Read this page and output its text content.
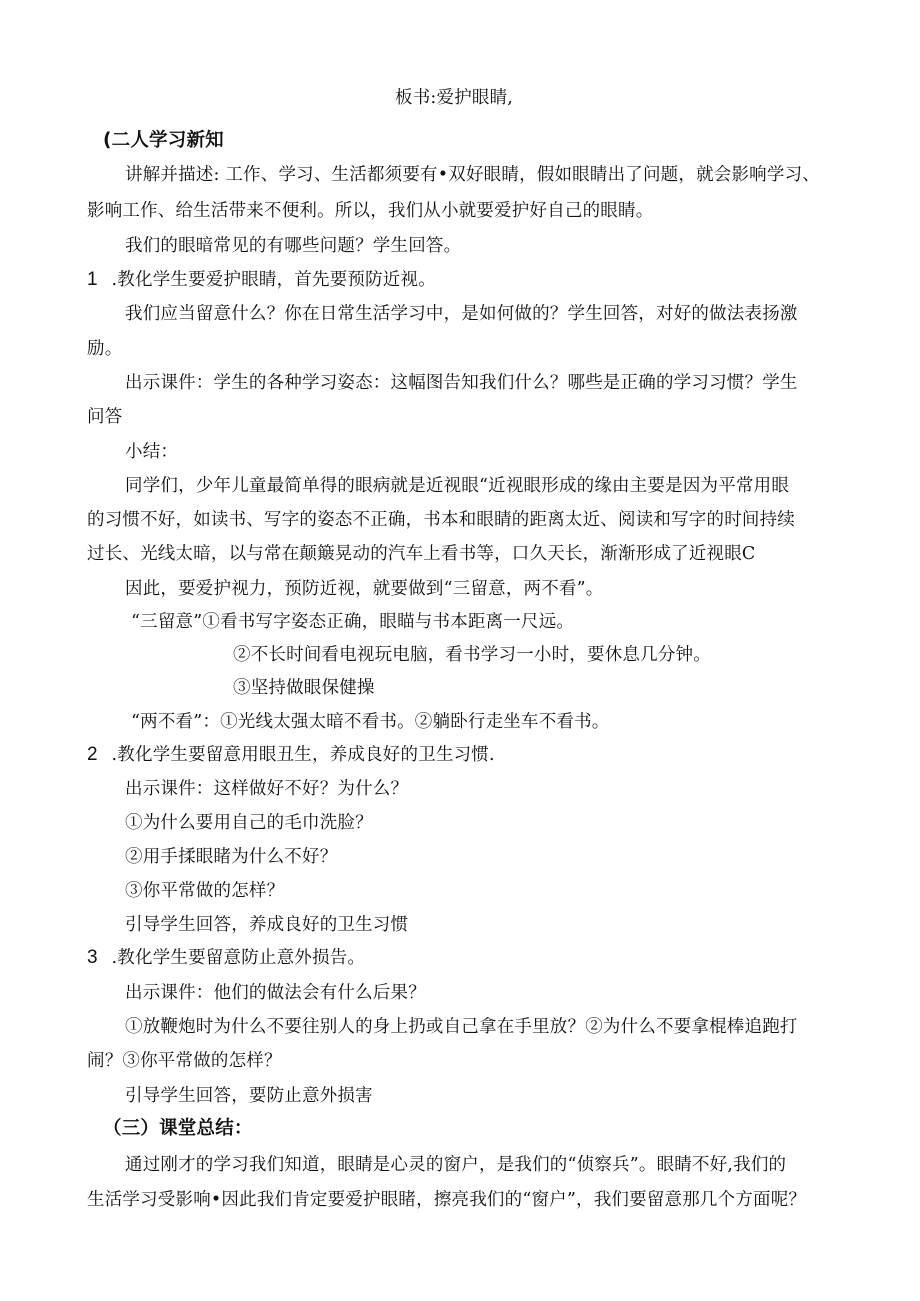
板书:爱护眼睛,
(二人学习新知
讲解并描述: 工作、学习、生活都须要有•双好眼睛，假如眼睛出了问题，就会影响学习、
影响工作、给生活带来不便利。所以，我们从小就要爱护好自己的眼睛。
我们的眼暗常见的有哪些问题？学生回答。
1 .教化学生要爱护眼睛，首先要预防近视。
我们应当留意什么？你在日常生活学习中，是如何做的？学生回答，对好的做法表扬激
励。
出示课件：学生的各种学习姿态：这幅图告知我们什么？哪些是正确的学习习惯？学生
问答
小结：
同学们，少年儿童最简单得的眼病就是近视眼“近视眼形成的缘由主要是因为平常用眼
的习惯不好，如读书、写字的姿态不正确，书本和眼睛的距离太近、阅读和写字的时间持续
过长、光线太暗，以与常在颠簸晃动的汽车上看书等，口久天长，渐渐形成了近视眼C
因此，要爱护视力，预防近视，就要做到“三留意，两不看”。
“三留意”①看书写字姿态正确，眼瞄与书本距离一尺远。
②不长时间看电视玩电脑，看书学习一小时，要休息几分钟。
③坚持做眼保健操
“两不看”：①光线太强太暗不看书。②躺卧行走坐车不看书。
2 .教化学生要留意用眼丑生，养成良好的卫生习惯.
出示课件：这样做好不好？为什么？
①为什么要用自己的毛巾洗脸？
②用手揉眼睹为什么不好？
③你平常做的怎样？
引导学生回答，养成良好的卫生习惯
3 .教化学生要留意防止意外损告。
出示课件：他们的做法会有什么后果？
①放鞭炮时为什么不要往别人的身上扔或自己拿在手里放？②为什么不要拿棍棒追跑打
闹？③你平常做的怎样？
引导学生回答，要防止意外损害
（三）课堂总结：
通过刚才的学习我们知道，眼睛是心灵的窗户，是我们的“侦察兵”。眼睛不好,我们的
生活学习受影响•因此我们肯定要爱护眼睹，擦亮我们的“窗户”，我们要留意那几个方面呢？
